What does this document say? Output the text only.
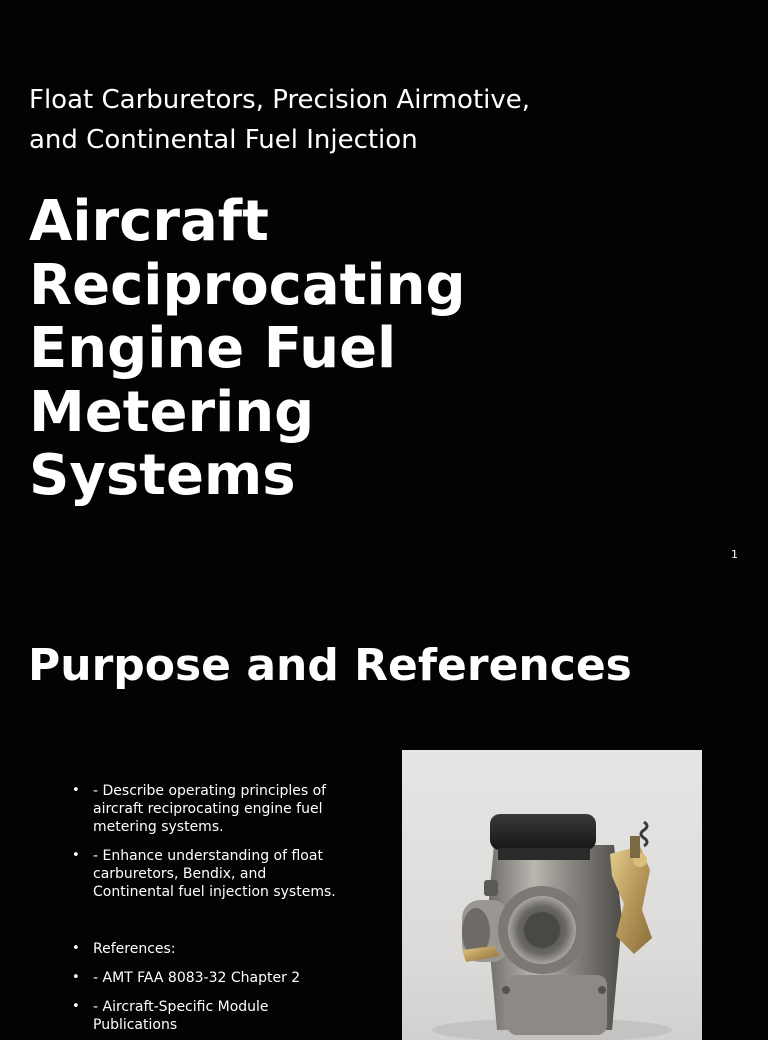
Float Carburetors, Precision Airmotive,
and Continental Fuel Injection
Aircraft
Reciprocating
Engine Fuel
Metering
Systems
1
Purpose and References
• - Describe operating principles of aircraft reciprocating engine fuel metering systems.
• - Enhance understanding of float carburetors, Bendix, and Continental fuel injection systems.
• References:
• - AMT FAA 8083-32 Chapter 2
• - Aircraft-Specific Module Publications
